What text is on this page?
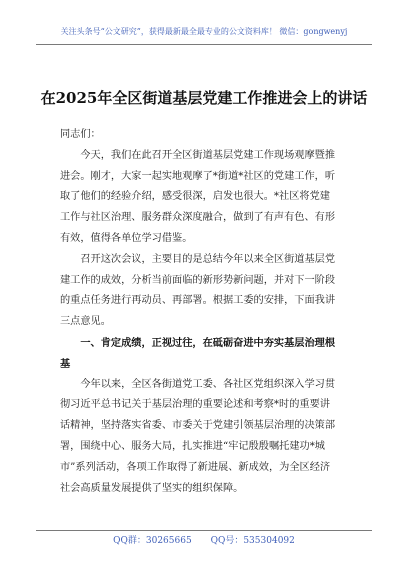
关注头条号“公文研究”，获得最新最全最专业的公文资料库！ 微信：gongwenyj
在2025年全区街道基层党建工作推进会上的讲话
同志们：
　　今天，我们在此召开全区街道基层党建工作现场观摩暨推
进会。刚才，大家一起实地观摩了*街道*社区的党建工作，听
取了他们的经验介绍，感受很深，启发也很大。*社区将党建
工作与社区治理、服务群众深度融合，做到了有声有色、有形
有效，值得各单位学习借鉴。
　　召开这次会议，主要目的是总结今年以来全区街道基层党
建工作的成效，分析当前面临的新形势新问题，并对下一阶段
的重点任务进行再动员、再部署。根据工委的安排，下面我讲
三点意见。
　　一、肯定成绩，正视过往，在砥砺奋进中夯实基层治理根
基
　　今年以来，全区各街道党工委、各社区党组织深入学习贯
彻习近平总书记关于基层治理的重要论述和考察*时的重要讲
话精神，坚持落实省委、市委关于党建引领基层治理的决策部
署，围绕中心、服务大局，扎实推进“牢记殷殷嘱托建功*城
市”系列活动，各项工作取得了新进展、新成效，为全区经济
社会高质量发展提供了坚实的组织保障。
QQ群：30265665 QQ号：535304092
